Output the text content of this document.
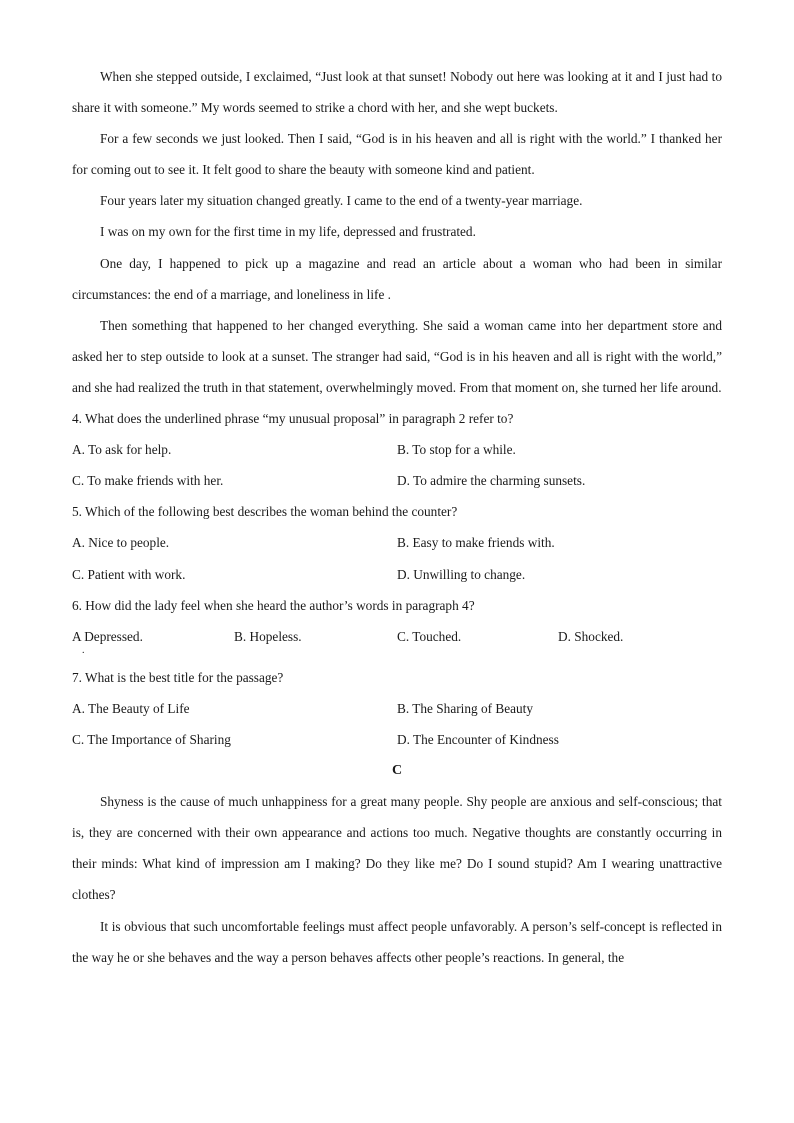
When she stepped outside, I exclaimed, “Just look at that sunset! Nobody out here was looking at it and I just had to share it with someone.” My words seemed to strike a chord with her, and she wept buckets.

For a few seconds we just looked. Then I said, “God is in his heaven and all is right with the world.” I thanked her for coming out to see it. It felt good to share the beauty with someone kind and patient.

Four years later my situation changed greatly. I came to the end of a twenty-year marriage.

I was on my own for the first time in my life, depressed and frustrated.

One day, I happened to pick up a magazine and read an article about a woman who had been in similar circumstances: the end of a marriage, and loneliness in life .

Then something that happened to her changed everything. She said a woman came into her department store and asked her to step outside to look at a sunset. The stranger had said, “God is in his heaven and all is right with the world,” and she had realized the truth in that statement, overwhelmingly moved. From that moment on, she turned her life around.

4. What does the underlined phrase “my unusual proposal” in paragraph 2 refer to?
A. To ask for help.	B. To stop for a while.
C. To make friends with her.	D. To admire the charming sunsets.
5. Which of the following best describes the woman behind the counter?
A. Nice to people.	B. Easy to make friends with.
C. Patient with work.	D. Unwilling to change.
6. How did the lady feel when she heard the author’s words in paragraph 4?
A Depressed.	B. Hopeless.	C. Touched.	D. Shocked.
.
7. What is the best title for the passage?
A. The Beauty of Life	B. The Sharing of Beauty
C. The Importance of Sharing	D. The Encounter of Kindness
C

Shyness is the cause of much unhappiness for a great many people. Shy people are anxious and self-conscious; that is, they are concerned with their own appearance and actions too much. Negative thoughts are constantly occurring in their minds: What kind of impression am I making? Do they like me? Do I sound stupid? Am I wearing unattractive clothes?

It is obvious that such uncomfortable feelings must affect people unfavorably. A person’s self-concept is reflected in the way he or she behaves and the way a person behaves affects other people’s reactions. In general, the
